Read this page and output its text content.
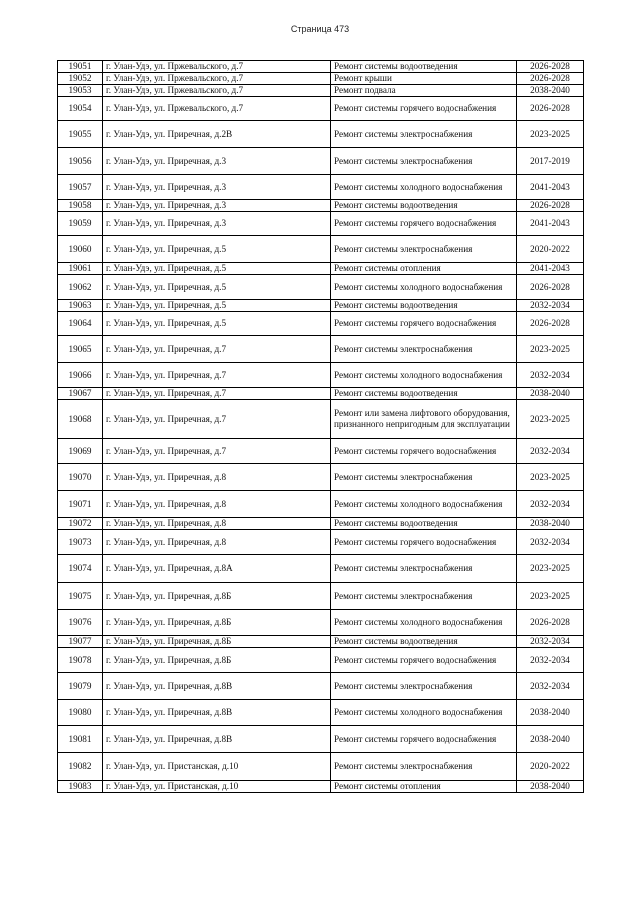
Страница 473
19051	г. Улан-Удэ, ул. Пржевальского, д.7	Ремонт системы водоотведения	2026-2028
19052	г. Улан-Удэ, ул. Пржевальского, д.7	Ремонт крыши	2026-2028
19053	г. Улан-Удэ, ул. Пржевальского, д.7	Ремонт подвала	2038-2040
19054	г. Улан-Удэ, ул. Пржевальского, д.7	Ремонт системы горячего водоснабжения	2026-2028
19055	г. Улан-Удэ, ул. Приречная, д.2В	Ремонт системы электроснабжения	2023-2025
19056	г. Улан-Удэ, ул. Приречная, д.3	Ремонт системы электроснабжения	2017-2019
19057	г. Улан-Удэ, ул. Приречная, д.3	Ремонт системы холодного водоснабжения	2041-2043
19058	г. Улан-Удэ, ул. Приречная, д.3	Ремонт системы водоотведения	2026-2028
19059	г. Улан-Удэ, ул. Приречная, д.3	Ремонт системы горячего водоснабжения	2041-2043
19060	г. Улан-Удэ, ул. Приречная, д.5	Ремонт системы электроснабжения	2020-2022
19061	г. Улан-Удэ, ул. Приречная, д.5	Ремонт системы отопления	2041-2043
19062	г. Улан-Удэ, ул. Приречная, д.5	Ремонт системы холодного водоснабжения	2026-2028
19063	г. Улан-Удэ, ул. Приречная, д.5	Ремонт системы водоотведения	2032-2034
19064	г. Улан-Удэ, ул. Приречная, д.5	Ремонт системы горячего водоснабжения	2026-2028
19065	г. Улан-Удэ, ул. Приречная, д.7	Ремонт системы электроснабжения	2023-2025
19066	г. Улан-Удэ, ул. Приречная, д.7	Ремонт системы холодного водоснабжения	2032-2034
19067	г. Улан-Удэ, ул. Приречная, д.7	Ремонт системы водоотведения	2038-2040
19068	г. Улан-Удэ, ул. Приречная, д.7	Ремонт или замена лифтового оборудования, признанного непригодным для эксплуатации	2023-2025
19069	г. Улан-Удэ, ул. Приречная, д.7	Ремонт системы горячего водоснабжения	2032-2034
19070	г. Улан-Удэ, ул. Приречная, д.8	Ремонт системы электроснабжения	2023-2025
19071	г. Улан-Удэ, ул. Приречная, д.8	Ремонт системы холодного водоснабжения	2032-2034
19072	г. Улан-Удэ, ул. Приречная, д.8	Ремонт системы водоотведения	2038-2040
19073	г. Улан-Удэ, ул. Приречная, д.8	Ремонт системы горячего водоснабжения	2032-2034
19074	г. Улан-Удэ, ул. Приречная, д.8А	Ремонт системы электроснабжения	2023-2025
19075	г. Улан-Удэ, ул. Приречная, д.8Б	Ремонт системы электроснабжения	2023-2025
19076	г. Улан-Удэ, ул. Приречная, д.8Б	Ремонт системы холодного водоснабжения	2026-2028
19077	г. Улан-Удэ, ул. Приречная, д.8Б	Ремонт системы водоотведения	2032-2034
19078	г. Улан-Удэ, ул. Приречная, д.8Б	Ремонт системы горячего водоснабжения	2032-2034
19079	г. Улан-Удэ, ул. Приречная, д.8В	Ремонт системы электроснабжения	2032-2034
19080	г. Улан-Удэ, ул. Приречная, д.8В	Ремонт системы холодного водоснабжения	2038-2040
19081	г. Улан-Удэ, ул. Приречная, д.8В	Ремонт системы горячего водоснабжения	2038-2040
19082	г. Улан-Удэ, ул. Пристанская, д.10	Ремонт системы электроснабжения	2020-2022
19083	г. Улан-Удэ, ул. Пристанская, д.10	Ремонт системы отопления	2038-2040
